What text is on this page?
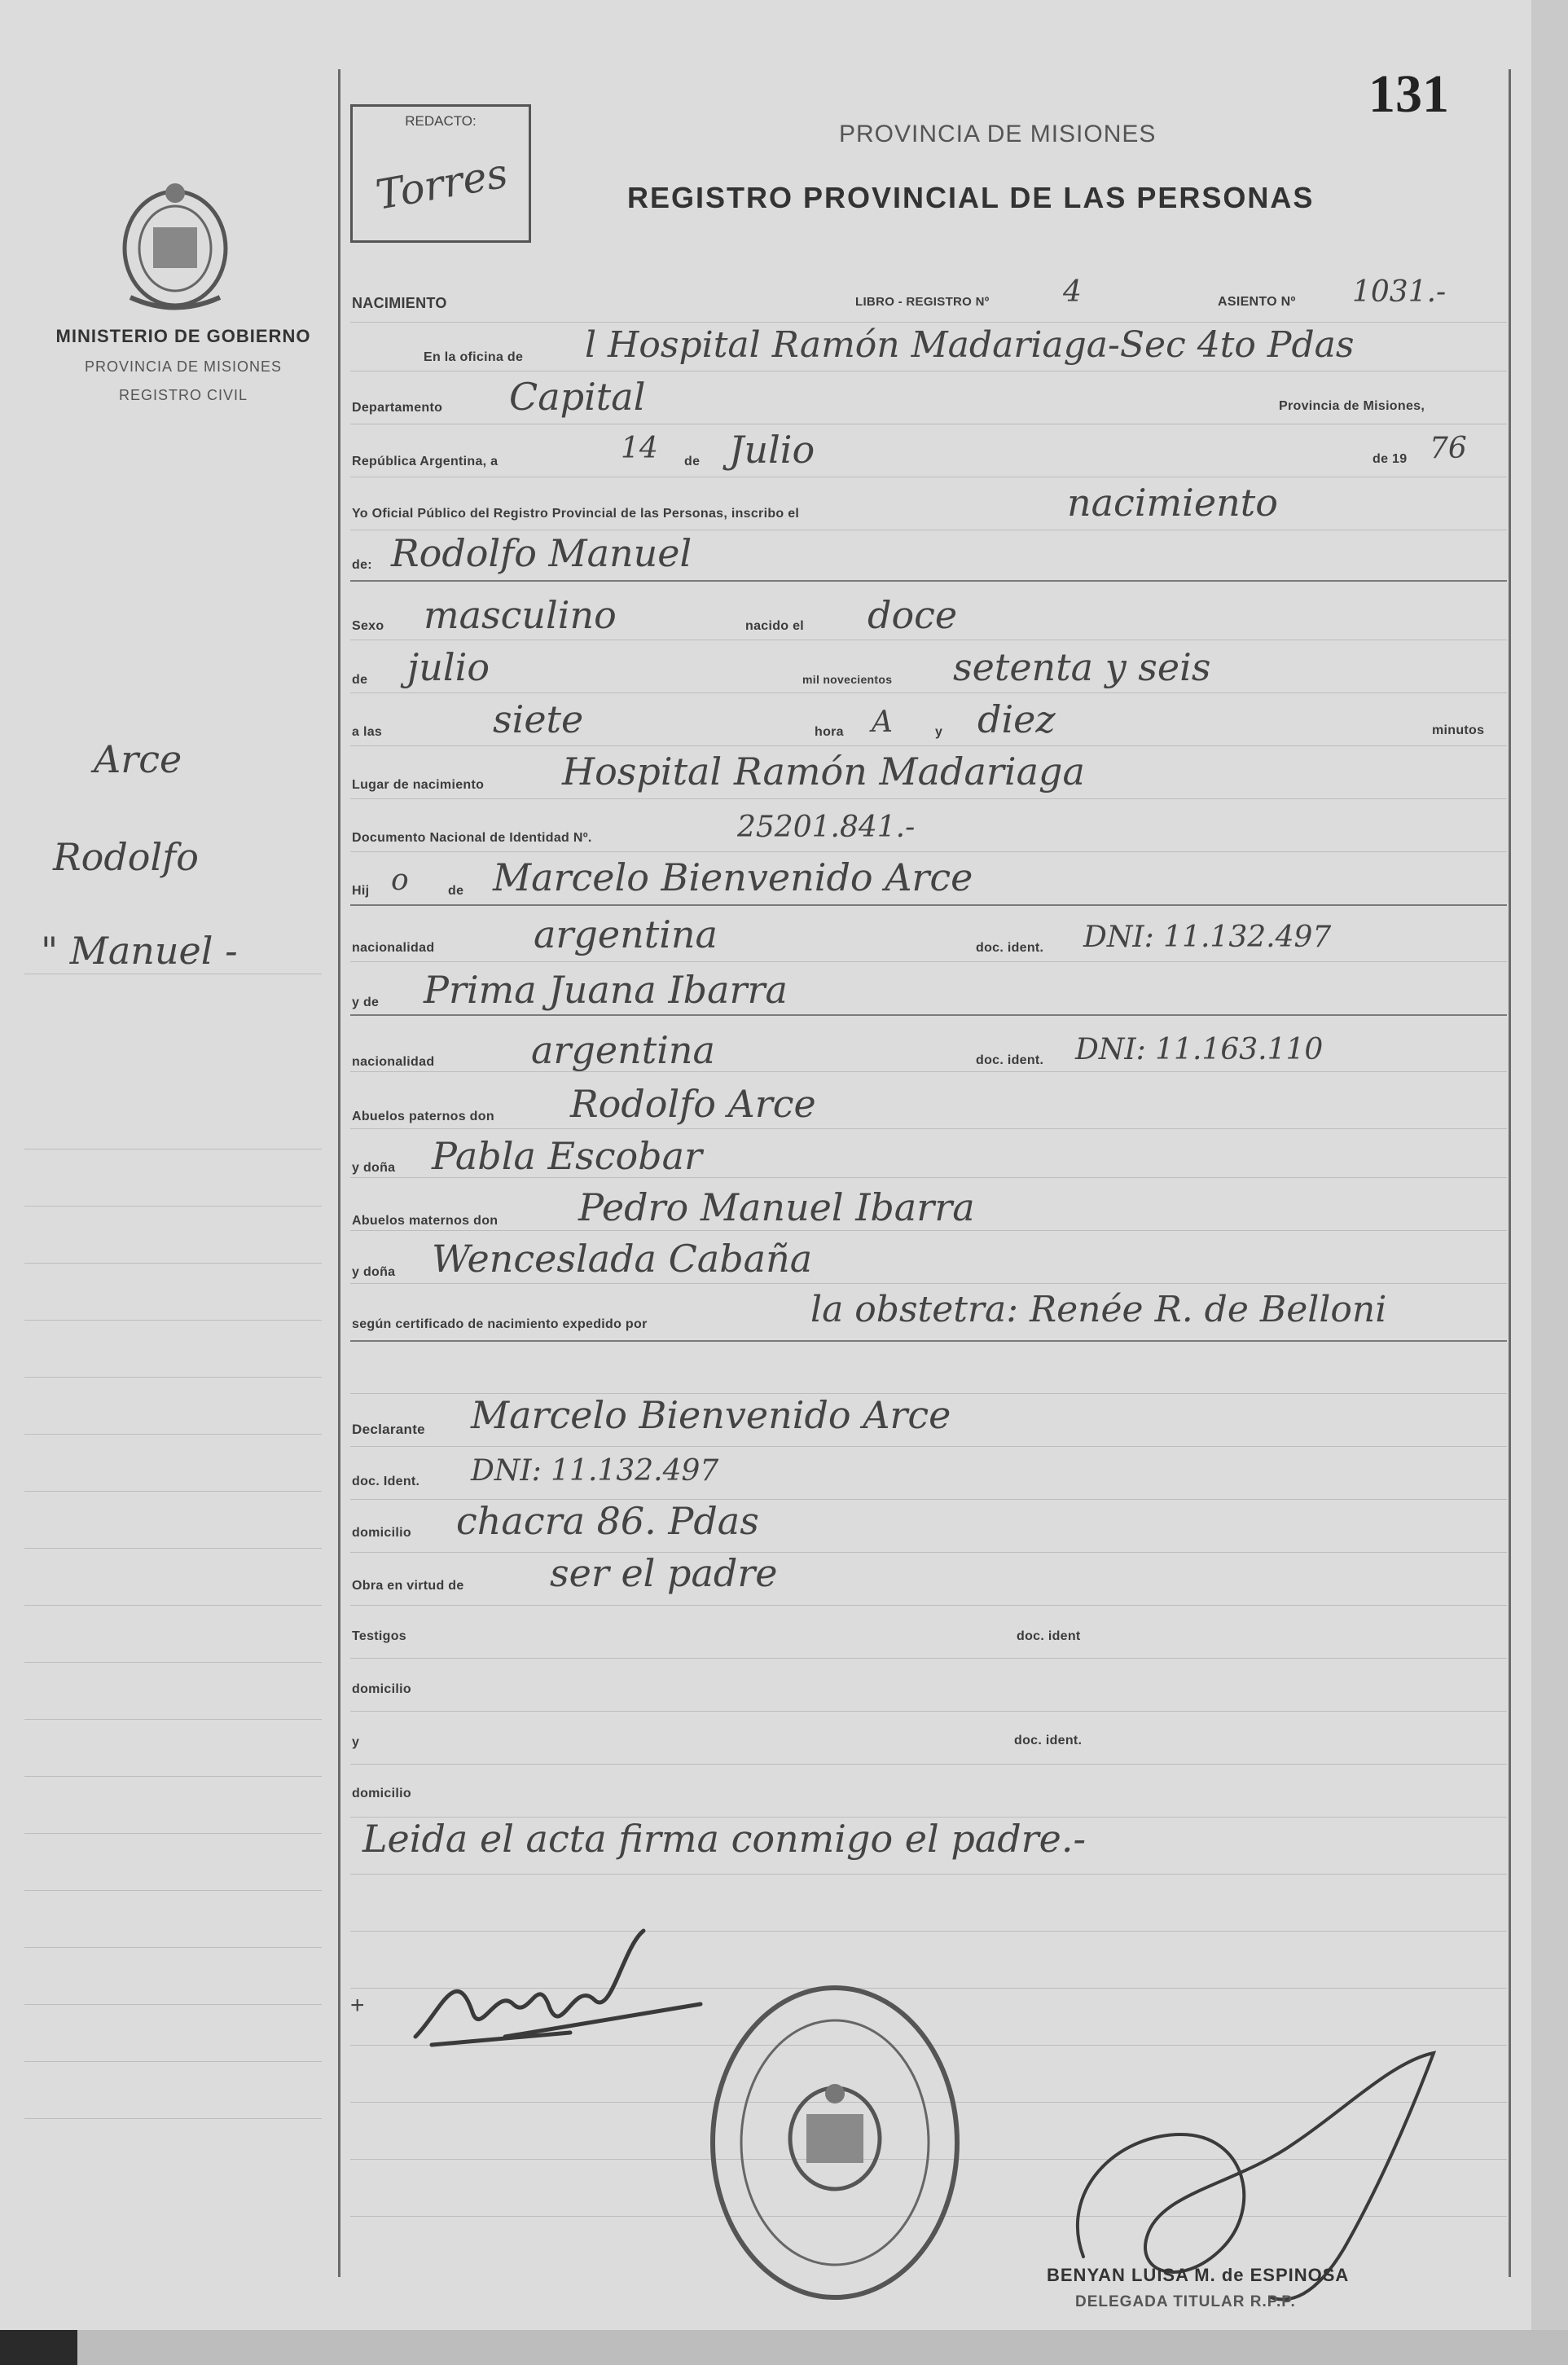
131
REDACTO:
Torres
PROVINCIA DE MISIONES
REGISTRO PROVINCIAL DE LAS PERSONAS
MINISTERIO DE GOBIERNO
PROVINCIA DE MISIONES
REGISTRO CIVIL
Arce
Rodolfo
" Manuel -
NACIMIENTO	LIBRO - REGISTRO Nº	4	ASIENTO Nº 1031.-
En la oficina de l Hospital Ramón Madariaga-Sec 4to Pdas
Departamento Capital	Provincia de Misiones,
República Argentina, a	14 de Julio	de 19 76
Yo Oficial Público del Registro Provincial de las Personas, inscribo el	nacimiento
de: Rodolfo Manuel
Sexo masculino	nacido el doce
de julio	mil novecientos setenta y seis
a las	siete	hora A	y diez	minutos
Lugar de nacimiento Hospital Ramón Madariaga
Documento Nacional de Identidad Nº.	25201.841.-
Hij o	de Marcelo Bienvenido Arce
nacionalidad	argentina	doc. ident. DNI: 11.132.497
y de Prima Juana Ibarra
nacionalidad	argentina	doc. ident. DNI: 11.163.110
Abuelos paternos don Rodolfo Arce
y doña Pabla Escobar
Abuelos maternos don Pedro Manuel Ibarra
y doña Wenceslada Cabaña
según certificado de nacimiento expedido por	la obstetra: Renée R. de Belloni
Declarante Marcelo Bienvenido Arce
doc. Ident. DNI: 11.132.497
domicilio chacra 86. Pdas
Obra en virtud de ser el padre
Testigos	doc. ident
domicilio
y	doc. ident.
domicilio
Leida el acta firma conmigo el padre.-
+
BENYAN LUISA M. de ESPINOSA
DELEGADA TITULAR R.P.P.
